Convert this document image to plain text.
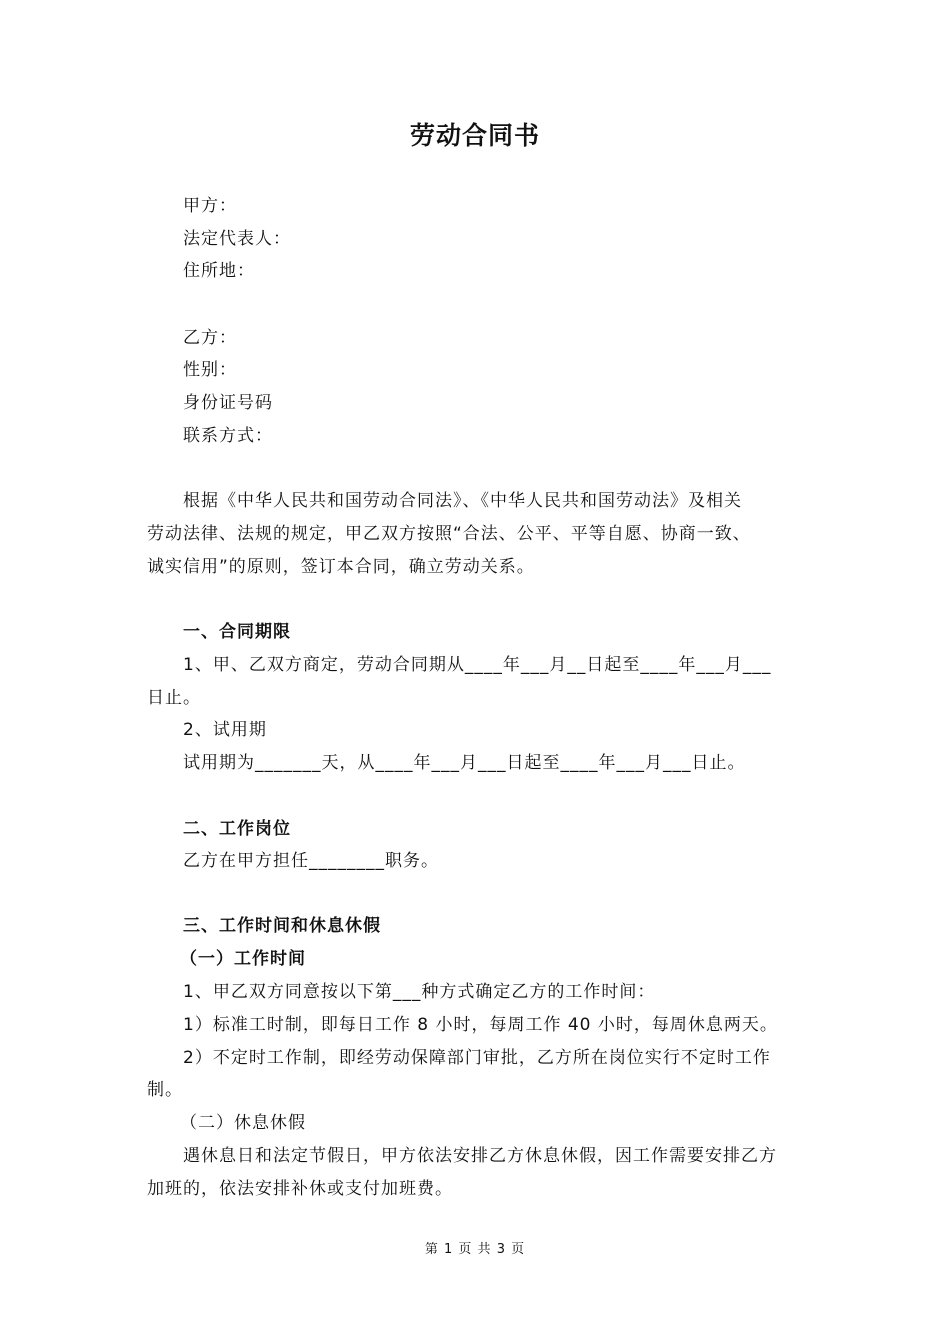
劳动合同书
甲方：
法定代表人：
住所地：
乙方：
性别：
身份证号码
联系方式：
根据《中华人民共和国劳动合同法》、《中华人民共和国劳动法》及相关
劳动法律、法规的规定，甲乙双方按照“合法、公平、平等自愿、协商一致、
诚实信用”的原则，签订本合同，确立劳动关系。
一、合同期限
1、甲、乙双方商定，劳动合同期从____年___月__日起至____年___月___
日止。
2、试用期
试用期为_______天，从____年___月___日起至____年___月___日止。
二、工作岗位
乙方在甲方担任________职务。
三、工作时间和休息休假
（一）工作时间
1、甲乙双方同意按以下第___种方式确定乙方的工作时间：
1）标准工时制，即每日工作 8 小时，每周工作 40 小时，每周休息两天。
2）不定时工作制，即经劳动保障部门审批，乙方所在岗位实行不定时工作
制。
（二）休息休假
遇休息日和法定节假日，甲方依法安排乙方休息休假，因工作需要安排乙方
加班的，依法安排补休或支付加班费。
第 1 页 共 3 页
